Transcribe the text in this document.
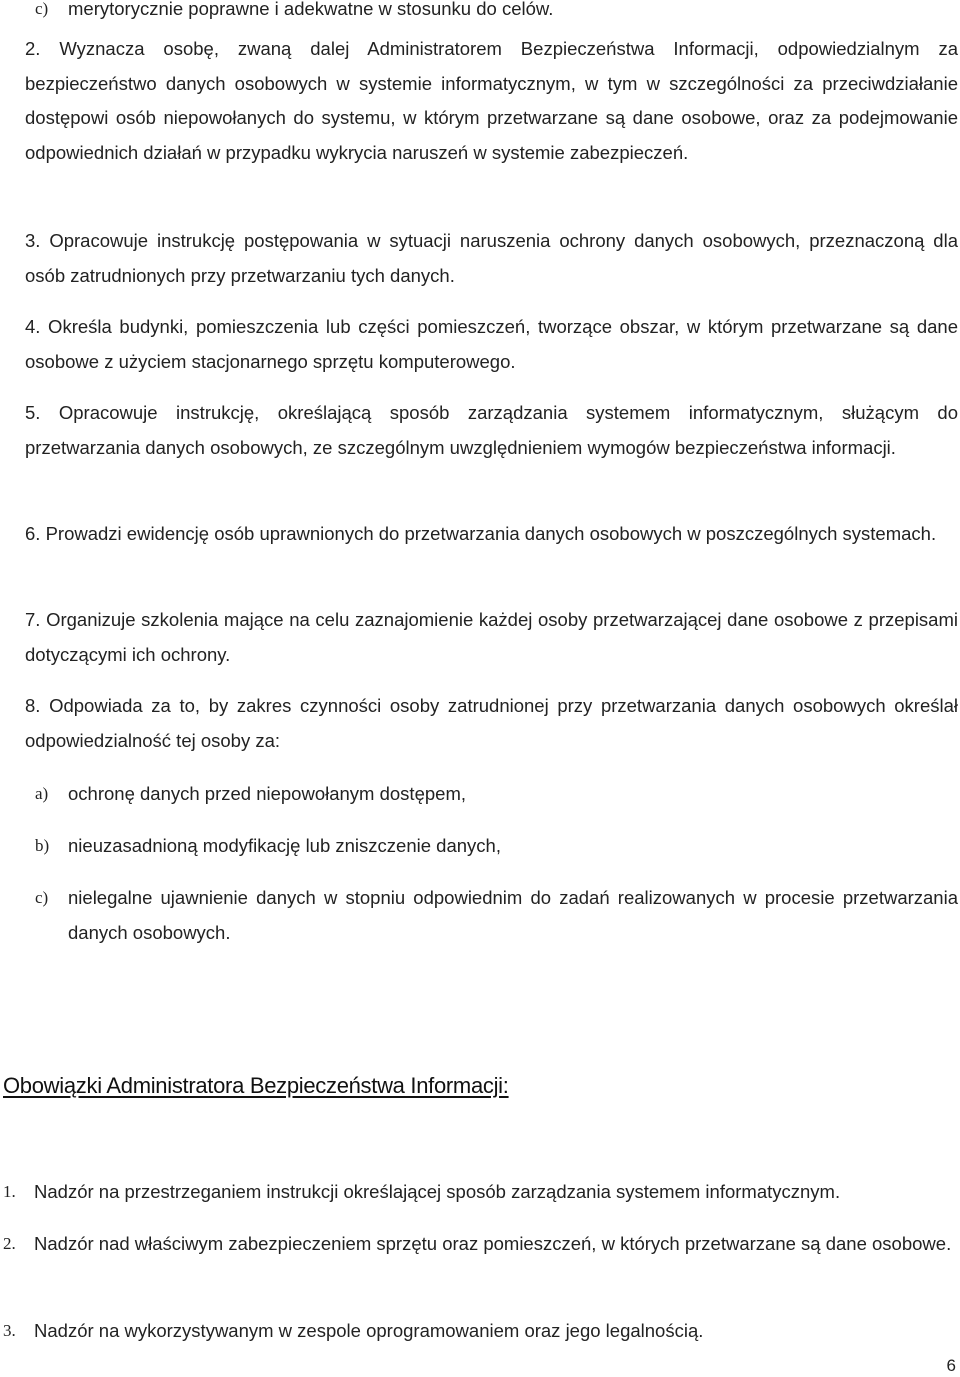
c) merytorycznie poprawne i adekwatne w stosunku do celów.
2. Wyznacza osobę, zwaną dalej Administratorem Bezpieczeństwa Informacji, odpowiedzialnym za bezpieczeństwo danych osobowych w systemie informatycznym, w tym w szczególności za przeciwdziałanie dostępowi osób niepowołanych do systemu, w którym przetwarzane są dane osobowe, oraz za podejmowanie odpowiednich działań w przypadku wykrycia naruszeń w systemie zabezpieczeń.
3. Opracowuje instrukcję postępowania w sytuacji naruszenia ochrony danych osobowych, przeznaczoną dla osób zatrudnionych przy przetwarzaniu tych danych.
4. Określa budynki, pomieszczenia lub części pomieszczeń, tworzące obszar, w którym przetwarzane są dane osobowe z użyciem stacjonarnego sprzętu komputerowego.
5. Opracowuje instrukcję, określającą sposób zarządzania systemem informatycznym, służącym do przetwarzania danych osobowych, ze szczególnym uwzględnieniem wymogów bezpieczeństwa informacji.
6. Prowadzi ewidencję osób uprawnionych do przetwarzania danych osobowych w poszczególnych systemach.
7. Organizuje szkolenia mające na celu zaznajomienie każdej osoby przetwarzającej dane osobowe z przepisami dotyczącymi ich ochrony.
8. Odpowiada za to, by zakres czynności osoby zatrudnionej przy przetwarzania danych osobowych określał odpowiedzialność tej osoby za:
a) ochronę danych przed niepowołanym dostępem,
b) nieuzasadnioną modyfikację lub zniszczenie danych,
c) nielegalne ujawnienie danych w stopniu odpowiednim do zadań realizowanych w procesie przetwarzania danych osobowych.
Obowiązki Administratora Bezpieczeństwa Informacji:
1. Nadzór na przestrzeganiem instrukcji określającej sposób zarządzania systemem informatycznym.
2. Nadzór nad właściwym zabezpieczeniem sprzętu oraz pomieszczeń, w których przetwarzane są dane osobowe.
3. Nadzór na wykorzystywanym w zespole oprogramowaniem oraz jego legalnością.
6
